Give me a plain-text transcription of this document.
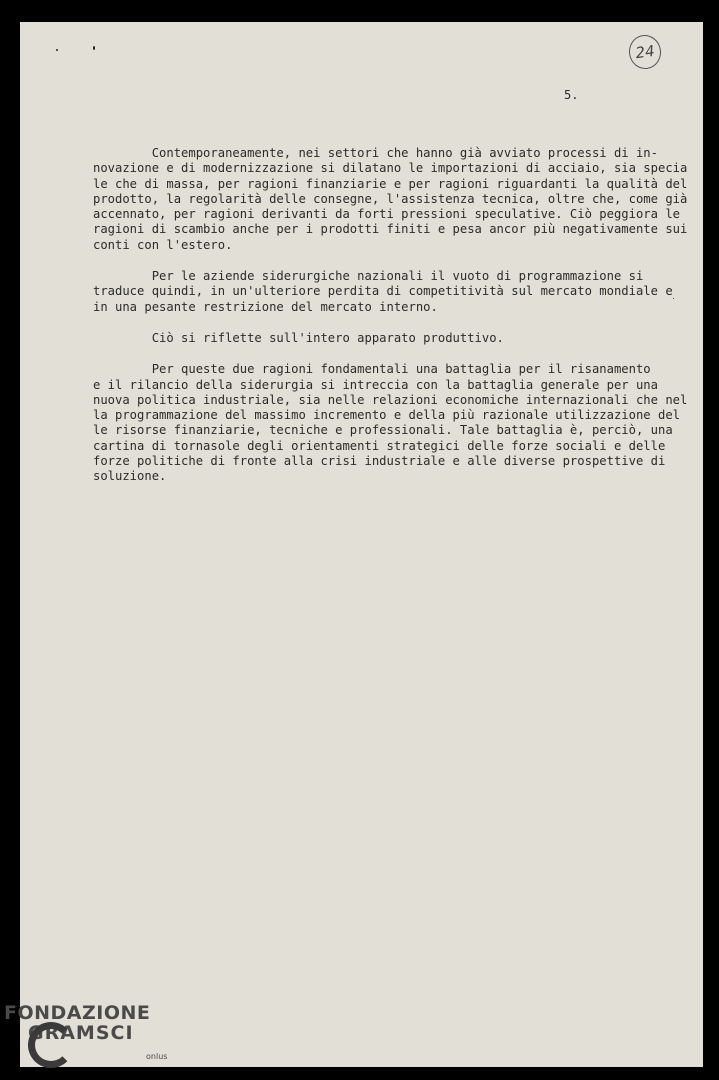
24
5.
Contemporaneamente, nei settori che hanno già avviato processi di in-
novazione e di modernizzazione si dilatano le importazioni di acciaio, sia specia
le che di massa, per ragioni finanziarie e per ragioni riguardanti la qualità del
prodotto, la regolarità delle consegne, l'assistenza tecnica, oltre che, come già
accennato, per ragioni derivanti da forti pressioni speculative. Ciò peggiora le
ragioni di scambio anche per i prodotti finiti e pesa ancor più negativamente sui
conti con l'estero.
Per le aziende siderurgiche nazionali il vuoto di programmazione si
traduce quindi, in un'ulteriore perdita di competitività sul mercato mondiale e
in una pesante restrizione del mercato interno.
Ciò si riflette sull'intero apparato produttivo.
Per queste due ragioni fondamentali una battaglia per il risanamento
e il rilancio della siderurgia si intreccia con la battaglia generale per una
nuova politica industriale, sia nelle relazioni economiche internazionali che nel
la programmazione del massimo incremento e della più razionale utilizzazione del
le risorse finanziarie, tecniche e professionali. Tale battaglia è, perciò, una
cartina di tornasole degli orientamenti strategici delle forze sociali e delle
forze politiche di fronte alla crisi industriale e alle diverse prospettive di
soluzione.
FONDAZIONE
GRAMSCI
onlus
